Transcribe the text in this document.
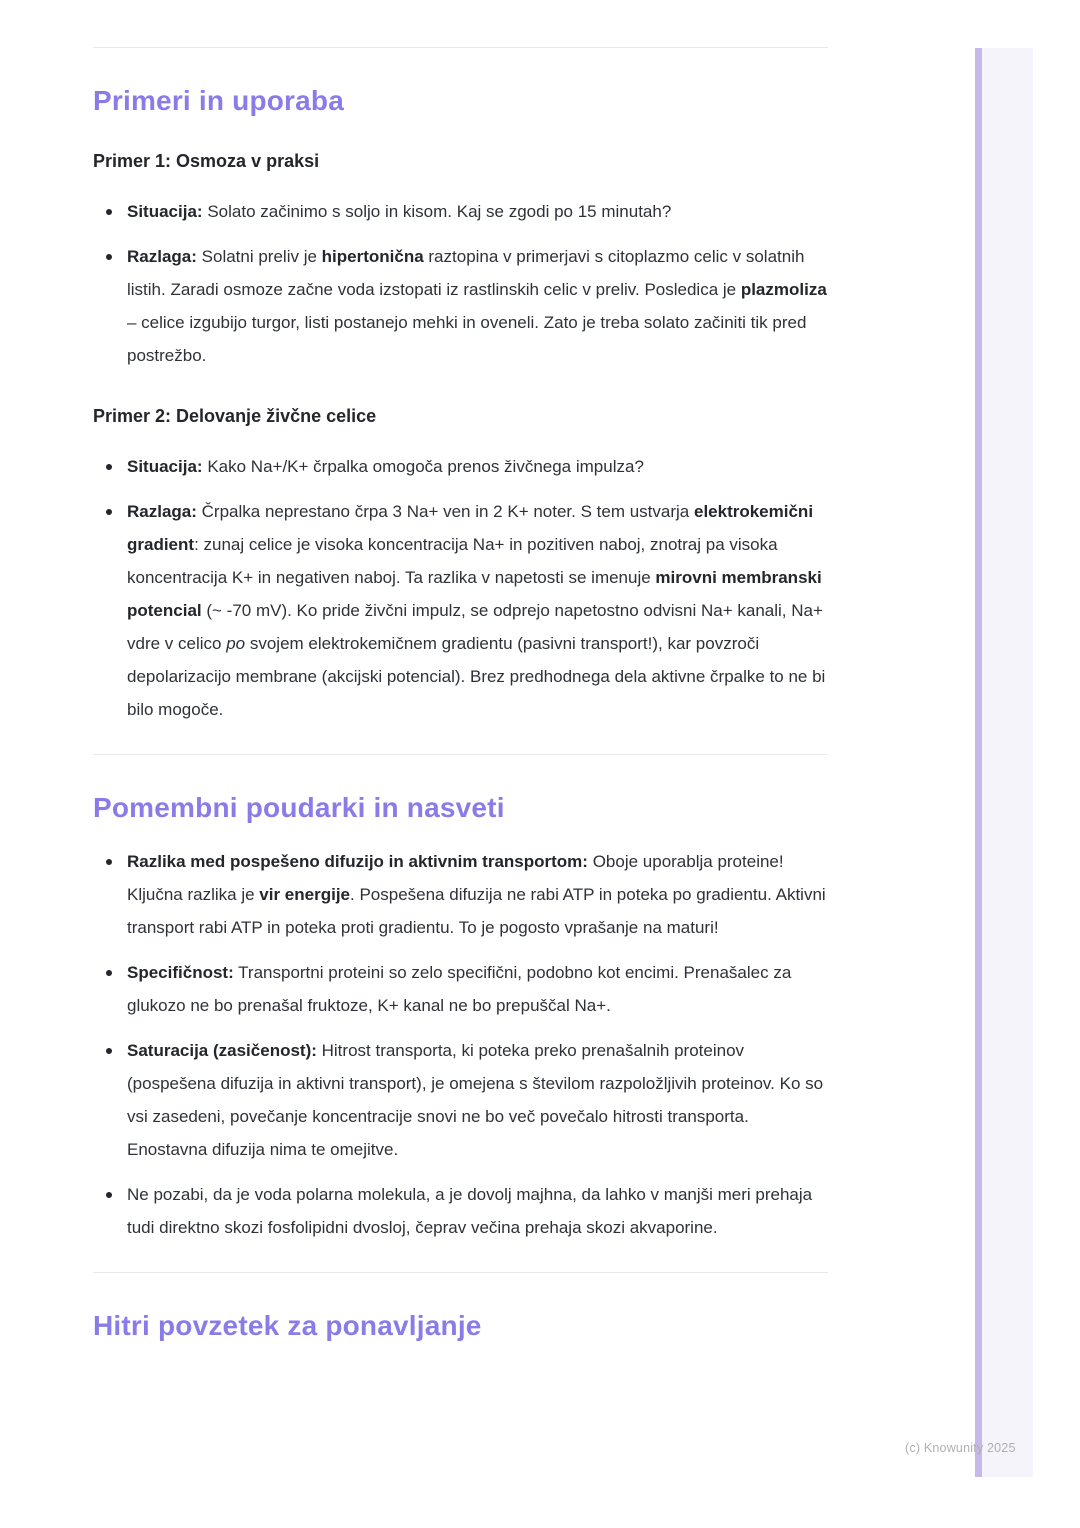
(c) Knowunity 2025
Primeri in uporaba
Primer 1: Osmoza v praksi
Situacija: Solato začinimo s soljo in kisom. Kaj se zgodi po 15 minutah?
Razlaga: Solatni preliv je hipertonična raztopina v primerjavi s citoplazmo celic v solatnih listih. Zaradi osmoze začne voda izstopati iz rastlinskih celic v preliv. Posledica je plazmoliza – celice izgubijo turgor, listi postanejo mehki in oveneli. Zato je treba solato začiniti tik pred postrežbo.
Primer 2: Delovanje živčne celice
Situacija: Kako Na+/K+ črpalka omogoča prenos živčnega impulza?
Razlaga: Črpalka neprestano črpa 3 Na+ ven in 2 K+ noter. S tem ustvarja elektrokemični gradient: zunaj celice je visoka koncentracija Na+ in pozitiven naboj, znotraj pa visoka koncentracija K+ in negativen naboj. Ta razlika v napetosti se imenuje mirovni membranski potencial (~ -70 mV). Ko pride živčni impulz, se odprejo napetostno odvisni Na+ kanali, Na+ vdre v celico po svojem elektrokemičnem gradientu (pasivni transport!), kar povzroči depolarizacijo membrane (akcijski potencial). Brez predhodnega dela aktivne črpalke to ne bi bilo mogoče.
Pomembni poudarki in nasveti
Razlika med pospešeno difuzijo in aktivnim transportom: Oboje uporablja proteine! Ključna razlika je vir energije. Pospešena difuzija ne rabi ATP in poteka po gradientu. Aktivni transport rabi ATP in poteka proti gradientu. To je pogosto vprašanje na maturi!
Specifičnost: Transportni proteini so zelo specifični, podobno kot encimi. Prenašalec za glukozo ne bo prenašal fruktoze, K+ kanal ne bo prepuščal Na+.
Saturacija (zasičenost): Hitrost transporta, ki poteka preko prenašalnih proteinov (pospešena difuzija in aktivni transport), je omejena s številom razpoložljivih proteinov. Ko so vsi zasedeni, povečanje koncentracije snovi ne bo več povečalo hitrosti transporta. Enostavna difuzija nima te omejitve.
Ne pozabi, da je voda polarna molekula, a je dovolj majhna, da lahko v manjši meri prehaja tudi direktno skozi fosfolipidni dvosloj, čeprav večina prehaja skozi akvaporine.
Hitri povzetek za ponavljanje
